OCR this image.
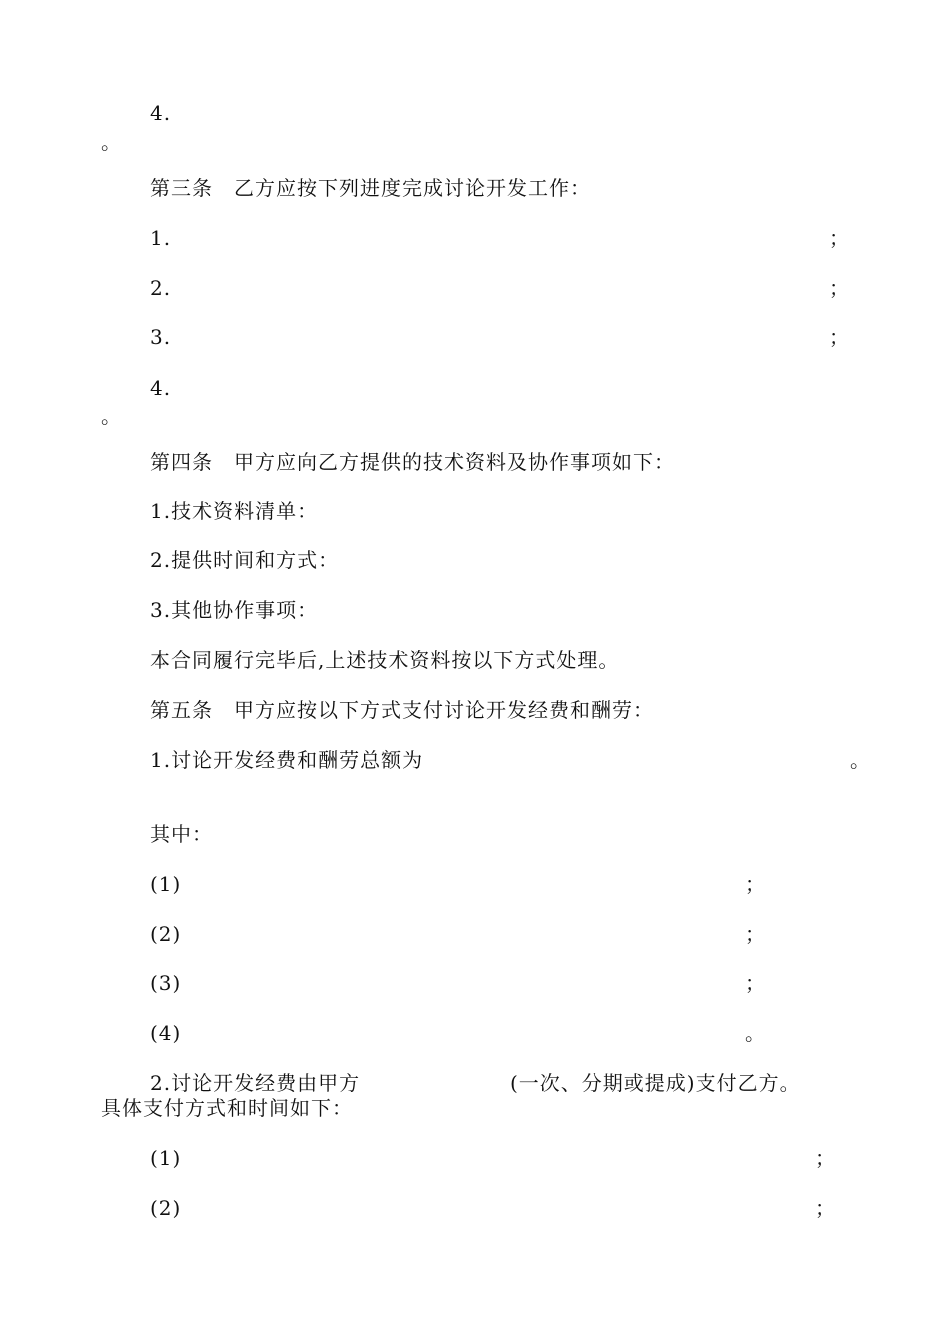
4.
。
第三条　乙方应按下列进度完成讨论开发工作：
1.	；
2.	；
3.	；
4.
。
第四条　甲方应向乙方提供的技术资料及协作事项如下：
1.技术资料清单：
2.提供时间和方式：
3.其他协作事项：
本合同履行完毕后,上述技术资料按以下方式处理。
第五条　甲方应按以下方式支付讨论开发经费和酬劳：
1.讨论开发经费和酬劳总额为	。
其中：
(1)	；
(2)	；
(3)	；
(4)	。
2.讨论开发经费由甲方	(一次、分期或提成)支付乙方。
具体支付方式和时间如下：
(1)	；
(2)	；
